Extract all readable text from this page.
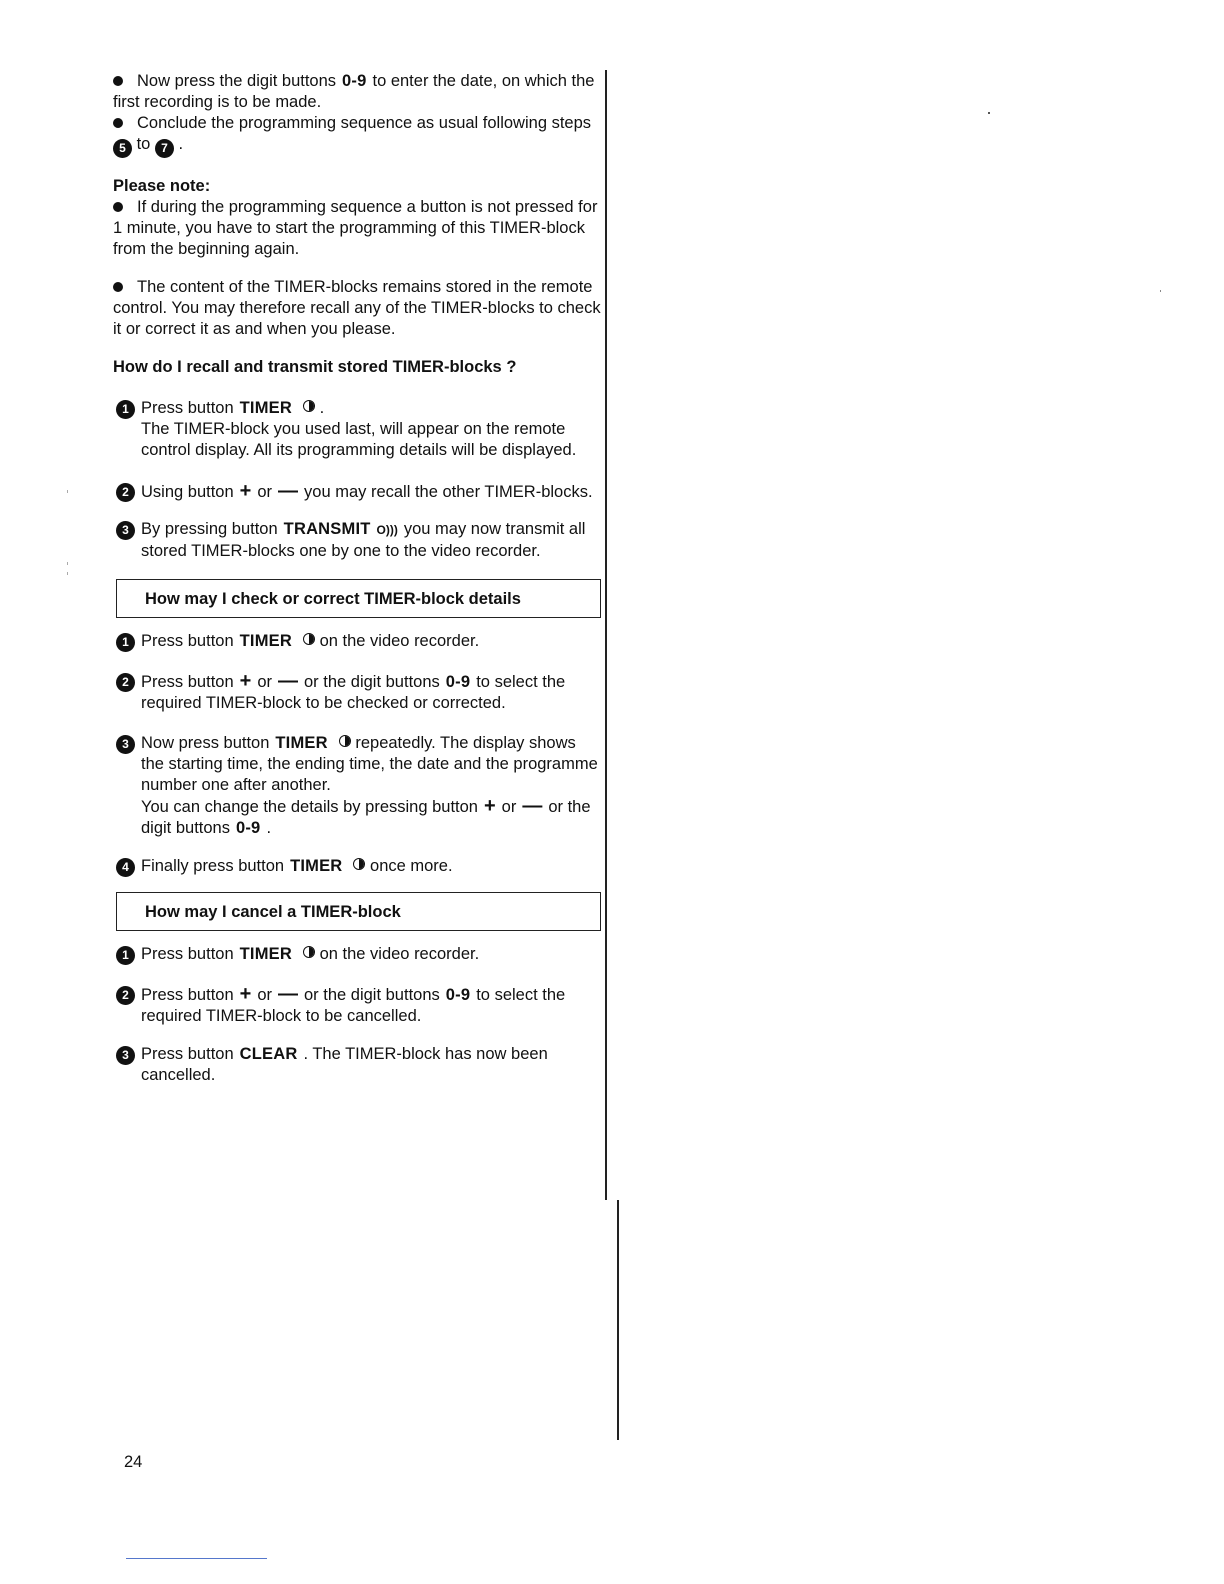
Now press the digit buttons 0-9 to enter the date, on which the first recording is to be made.

Conclude the programming sequence as usual following steps 5 to 7 .

Please note:

If during the programming sequence a button is not pressed for 1 minute, you have to start the programming of this TIMER-block from the beginning again.

The content of the TIMER-blocks remains stored in the remote control. You may therefore recall any of the TIMER-blocks to check it or correct it as and when you please.

How do I recall and transmit stored TIMER-blocks ?

1 Press button TIMER .
The TIMER-block you used last, will appear on the remote control display. All its programming details will be displayed.
2 Using button + or — you may recall the other TIMER-blocks.
3 By pressing button TRANSMIT O))) you may now transmit all stored TIMER-blocks one by one to the video recorder.
How may I check or correct TIMER-block details
1 Press button TIMER on the video recorder.
2 Press button + or — or the digit buttons 0-9 to select the required TIMER-block to be checked or corrected.
3 Now press button TIMER repeatedly. The display shows the starting time, the ending time, the date and the programme number one after another.
You can change the details by pressing button + or — or the digit buttons 0-9 .
4 Finally press button TIMER once more.
How may I cancel a TIMER-block
1 Press button TIMER on the video recorder.
2 Press button + or — or the digit buttons 0-9 to select the required TIMER-block to be cancelled.
3 Press button CLEAR . The TIMER-block has now been cancelled.
24
